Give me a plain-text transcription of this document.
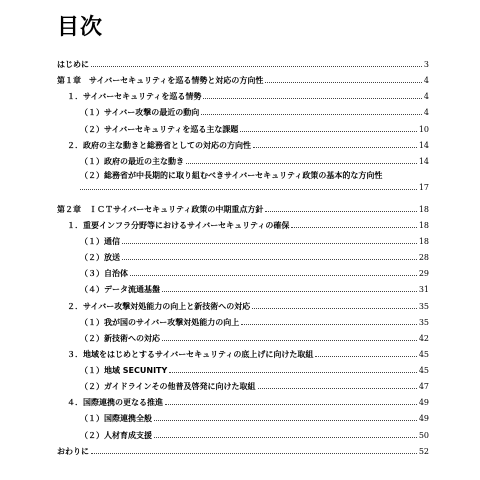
目次
はじめに	3
第１章　サイバーセキュリティを巡る情勢と対応の方向性	4
１．サイバーセキュリティを巡る情勢	4
（１）サイバー攻撃の最近の動向	4
（２）サイバーセキュリティを巡る主な課題	10
２．政府の主な動きと総務省としての対応の方向性	14
（１）政府の最近の主な動き	14
（２）総務省が中長期的に取り組むべきサイバーセキュリティ政策の基本的な方向性
17
第２章　ＩＣＴサイバーセキュリティ政策の中期重点方針	18
１．重要インフラ分野等におけるサイバーセキュリティの確保	18
（１）通信	18
（２）放送	28
（３）自治体	29
（４）データ流通基盤	31
２．サイバー攻撃対処能力の向上と新技術への対応	35
（１）我が国のサイバー攻撃対処能力の向上	35
（２）新技術への対応	42
３．地域をはじめとするサイバーセキュリティの底上げに向けた取組	45
（１）地域 SECUNITY	45
（２）ガイドラインその他普及啓発に向けた取組	47
４．国際連携の更なる推進	49
（１）国際連携全般	49
（２）人材育成支援	50
おわりに	52
